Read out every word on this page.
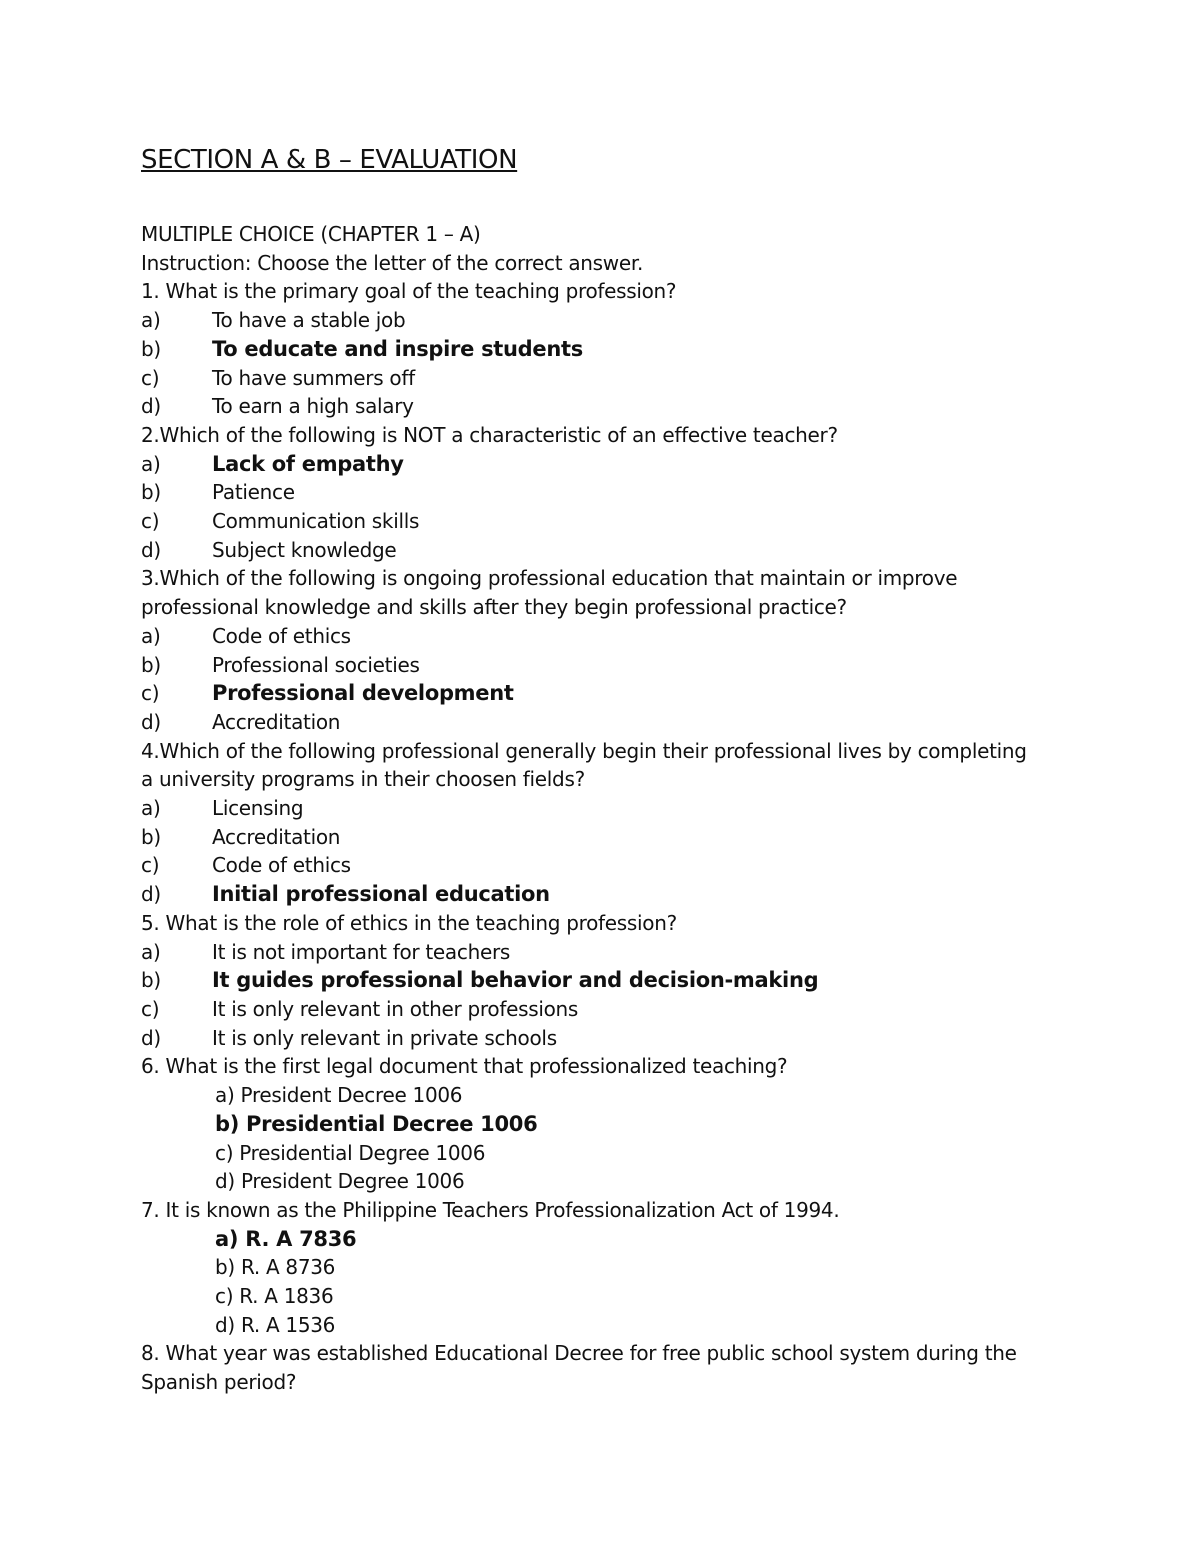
SECTION A & B – EVALUATION
MULTIPLE CHOICE (CHAPTER 1 – A)
Instruction: Choose the letter of the correct answer.
1. What is the primary goal of the teaching profession?
a)	To have a stable job
b)	To educate and inspire students
c)	To have summers off
d)	To earn a high salary
2.Which of the following is NOT a characteristic of an effective teacher?
a)	Lack of empathy
b)	Patience
c)	Communication skills
d)	Subject knowledge
3.Which of the following is ongoing professional education that maintain or improve professional knowledge and skills after they begin professional practice?
a)	Code of ethics
b)	Professional societies
c)	Professional development
d)	Accreditation
4.Which of the following professional generally begin their professional lives by completing a university programs in their choosen fields?
a)	Licensing
b)	Accreditation
c)	Code of ethics
d)	Initial professional education
5. What is the role of ethics in the teaching profession?
a)	It is not important for teachers
b)	It guides professional behavior and decision-making
c)	It is only relevant in other professions
d)	It is only relevant in private schools
6. What is the first legal document that professionalized teaching?
a)
President Decree 1006
b)
Presidential Decree 1006
c)
Presidential Degree 1006
d)
President Degree 1006
7. It is known as the Philippine Teachers Professionalization Act of 1994.
a)
R. A 7836
b)
R. A 8736
c)
R. A 1836
d)
R. A 1536
8. What year was established Educational Decree for free public school system during the Spanish period?
